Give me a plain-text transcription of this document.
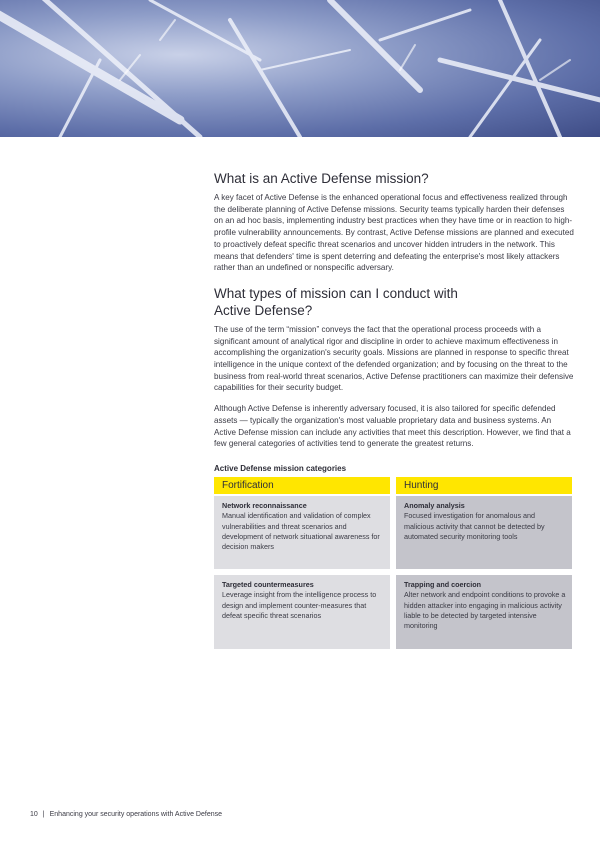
What is an Active Defense mission?

A key facet of Active Defense is the enhanced operational focus and effectiveness realized through the deliberate planning of Active Defense missions. Security teams typically harden their defenses on an ad hoc basis, implementing industry best practices when they have time or in reaction to high-profile vulnerability announcements. By contrast, Active Defense missions are planned and executed to proactively defeat specific threat scenarios and uncover hidden intruders in the network. This means that defenders' time is spent deterring and defeating the enterprise's most likely attackers rather than an undefined or nonspecific adversary.

What types of mission can I conduct with
Active Defense?

The use of the term “mission” conveys the fact that the operational process proceeds with a significant amount of analytical rigor and discipline in order to achieve maximum effectiveness in accomplishing the organization's security goals. Missions are planned in response to specific threat intelligence in the unique context of the defended organization; and by focusing on the threat to the business from real-world threat scenarios, Active Defense practitioners can maximize their defensive capabilities for their security budget.

Although Active Defense is inherently adversary focused, it is also tailored for specific defended assets — typically the organization's most valuable proprietary data and business systems. An Active Defense mission can include any activities that meet this description. However, we find that a few general categories of activities tend to generate the greatest returns.

Active Defense mission categories
Fortification	Hunting
Network reconnaissance
Manual identification and validation of complex vulnerabilities and threat scenarios and development of network situational awareness for decision makers
Anomaly analysis
Focused investigation for anomalous and malicious activity that cannot be detected by automated security monitoring tools
Targeted countermeasures
Leverage insight from the intelligence process to design and implement counter-measures that defeat specific threat scenarios
Trapping and coercion
Alter network and endpoint conditions to provoke a hidden attacker into engaging in malicious activity liable to be detected by targeted intensive monitoring
10 | Enhancing your security operations with Active Defense
